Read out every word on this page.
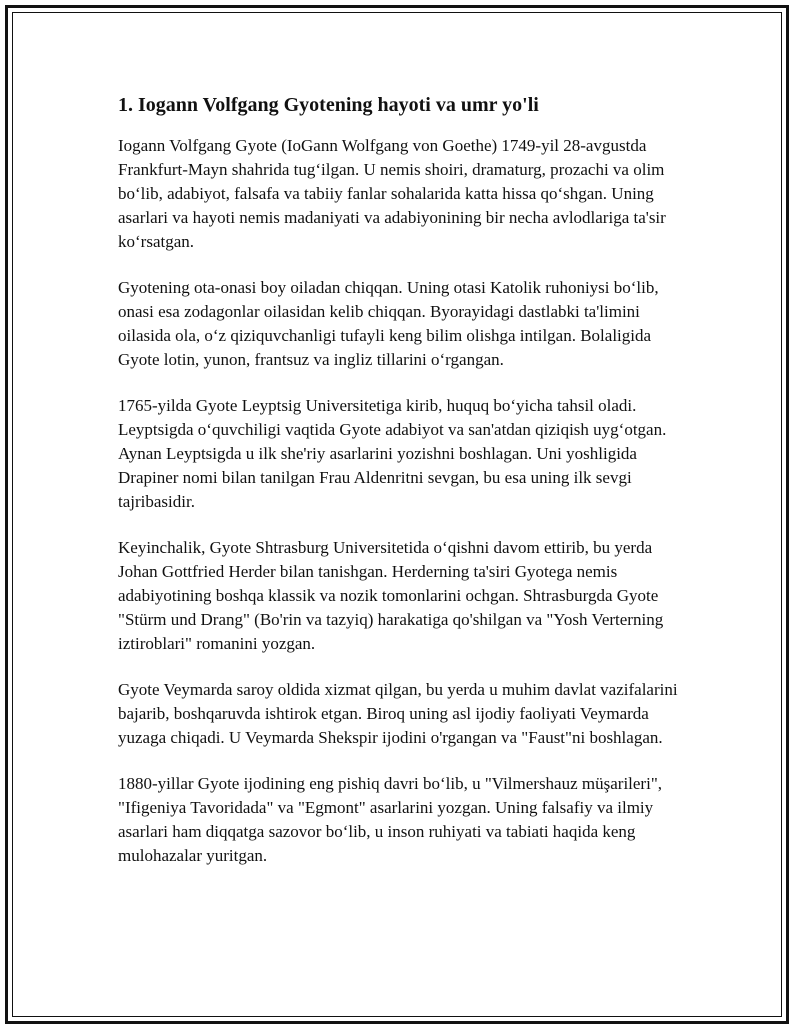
1. Iogann Volfgang Gyotening hayoti va umr yo'li

Iogann Volfgang Gyote (IoGann Wolfgang von Goethe) 1749-yil 28-avgustda Frankfurt-Mayn shahrida tug‘ilgan. U nemis shoiri, dramaturg, prozachi va olim bo‘lib, adabiyot, falsafa va tabiiy fanlar sohalarida katta hissa qo‘shgan. Uning asarlari va hayoti nemis madaniyati va adabiyonining bir necha avlodlariga ta'sir ko‘rsatgan.

Gyotening ota-onasi boy oiladan chiqqan. Uning otasi Katolik ruhoniysi bo‘lib, onasi esa zodagonlar oilasidan kelib chiqqan. Byorayidagi dastlabki ta'limini oilasida ola, o‘z qiziquvchanligi tufayli keng bilim olishga intilgan. Bolaligida Gyote lotin, yunon, frantsuz va ingliz tillarini o‘rgangan.

1765-yilda Gyote Leyptsig Universitetiga kirib, huquq bo‘yicha tahsil oladi. Leyptsigda o‘quvchiligi vaqtida Gyote adabiyot va san'atdan qiziqish uyg‘otgan. Aynan Leyptsigda u ilk she'riy asarlarini yozishni boshlagan. Uni yoshligida Drapiner nomi bilan tanilgan Frau Aldenritni sevgan, bu esa uning ilk sevgi tajribasidir.

Keyinchalik, Gyote Shtrasburg Universitetida o‘qishni davom ettirib, bu yerda Johan Gottfried Herder bilan tanishgan. Herderning ta'siri Gyotega nemis adabiyotining boshqa klassik va nozik tomonlarini ochgan. Shtrasburgda Gyote "Stürm und Drang" (Bo'rin va tazyiq) harakatiga qo'shilgan va "Yosh Verterning iztiroblari" romanini yozgan.

Gyote Veymarda saroy oldida xizmat qilgan, bu yerda u muhim davlat vazifalarini bajarib, boshqaruvda ishtirok etgan. Biroq uning asl ijodiy faoliyati Veymarda yuzaga chiqadi. U Veymarda Shekspir ijodini o'rgangan va "Faust"ni boshlagan.

1880-yillar Gyote ijodining eng pishiq davri bo‘lib, u "Vilmershauz müşarileri", "Ifigeniya Tavoridada" va "Egmont" asarlarini yozgan. Uning falsafiy va ilmiy asarlari ham diqqatga sazovor bo‘lib, u inson ruhiyati va tabiati haqida keng mulohazalar yuritgan.
